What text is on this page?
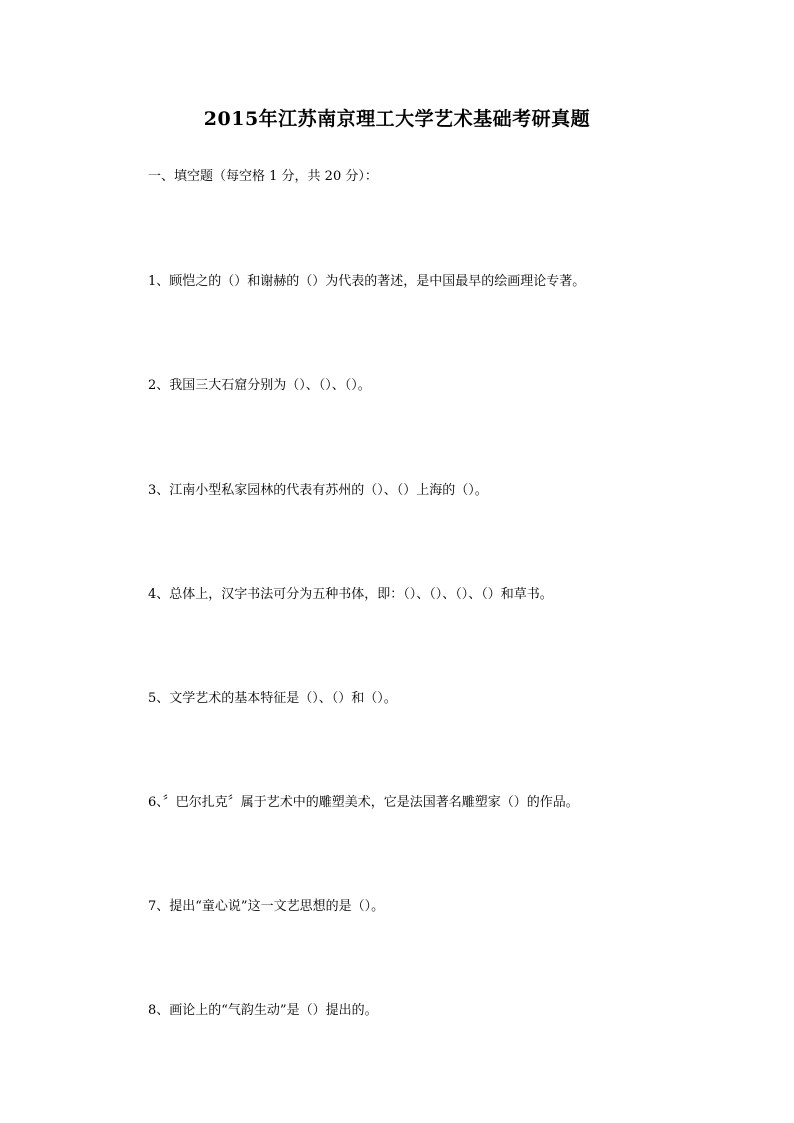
2015年江苏南京理工大学艺术基础考研真题
一、填空题（每空格 1 分，共 20 分）：
1、顾恺之的（）和谢赫的（）为代表的著述，是中国最早的绘画理论专著。
2、我国三大石窟分别为（）、（）、（）。
3、江南小型私家园林的代表有苏州的（）、（）上海的（）。
4、总体上，汉字书法可分为五种书体，即：（）、（）、（）、（）和草书。
5、文学艺术的基本特征是（）、（）和（）。
6、〞巴尔扎克〞属于艺术中的雕塑美术，它是法国著名雕塑家（）的作品。
7、提出“童心说”这一文艺思想的是（）。
8、画论上的“气韵生动”是（）提出的。
